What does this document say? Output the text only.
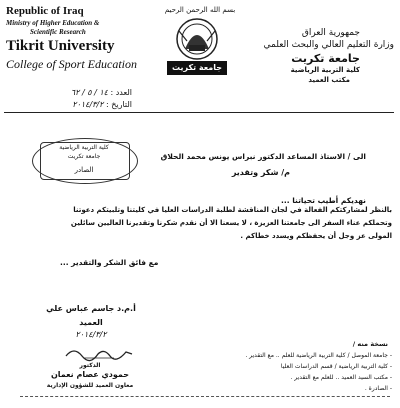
Republic of Iraq
Ministry of Higher Education &
Scientific Research
Tikrit University
College of Sport Education
بسم الله الرحمن الرحيم
جامعة تكريت
جمهورية العراق
وزارة التعليم العالي والبحث العلمي
جامعة تكريت
كلية التربية الرياضية
مكتب العميد
العدد : ١٤ / ٥ / ٦٢
التاريخ : ٢٠١٤/٣/٢
كلية التربية الرياضية
جامعة تكريت
الصادر
الى / الاستاذ المساعد الدكتور نبراس يونس محمد الحلاق
م/ شكر وتقدير
نهديكم أطيب تحياتنا ...
بالنظر لمشاركتكم الفعالة في لجان المناقشة لطلبة الدراسات العليا في كليتنا وتلبيتكم دعوتنا
وتحملكم عناء السفر الى جامعتنا العزيزة ، لا يسعنا الا أن نقدم شكرنا وتقديرنا العاليين سائلين
المولى عز وجل أن يحفظكم ويسدد خطاكم .
مع فائق الشكر والتقدير ...
أ.م.د جاسم عباس علي
العميد
٢٠١٤/٣/٢
الدكتور
حمودي عصام نعمان
معاون العميد للشؤون الإدارية
نسخة منه /
- جامعة الموصل / كلية التربية الرياضية للعلم .. مع التقدير .
- كلية التربية الرياضية / قسم الدراسات العليا
- مكتب السيد العميد .. للعلم مع التقدير .
- الصادرة .
